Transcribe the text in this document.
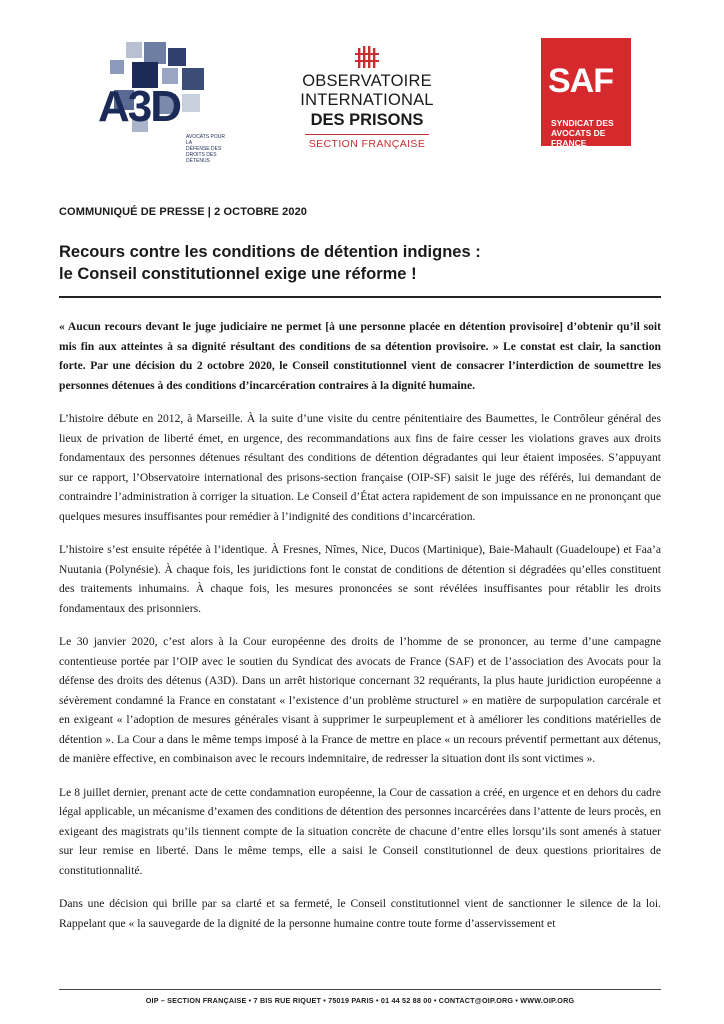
A3D
AVOCATS POUR LA
DÉFENSE DES
DROITS DES
DÉTENUS
OBSERVATOIRE INTERNATIONAL
DES PRISONS
SECTION FRANÇAISE
SAF
SYNDICAT DES
AVOCATS DE FRANCE
COMMUNIQUÉ DE PRESSE | 2 OCTOBRE 2020
Recours contre les conditions de détention indignes :
le Conseil constitutionnel exige une réforme !

« Aucun recours devant le juge judiciaire ne permet [à une personne placée en détention provisoire] d’obtenir qu’il soit mis fin aux atteintes à sa dignité résultant des conditions de sa détention provisoire. » Le constat est clair, la sanction forte. Par une décision du 2 octobre 2020, le Conseil constitutionnel vient de consacrer l’interdiction de soumettre les personnes détenues à des conditions d’incarcération contraires à la dignité humaine.

L’histoire débute en 2012, à Marseille. À la suite d’une visite du centre pénitentiaire des Baumettes, le Contrôleur général des lieux de privation de liberté émet, en urgence, des recommandations aux fins de faire cesser les violations graves aux droits fondamentaux des personnes détenues résultant des conditions de détention dégradantes qui leur étaient imposées. S’appuyant sur ce rapport, l’Observatoire international des prisons-section française (OIP-SF) saisit le juge des référés, lui demandant de contraindre l’administration à corriger la situation. Le Conseil d’État actera rapidement de son impuissance en ne prononçant que quelques mesures insuffisantes pour remédier à l’indignité des conditions d’incarcération.

L’histoire s’est ensuite répétée à l’identique. À Fresnes, Nîmes, Nice, Ducos (Martinique), Baie-Mahault (Guadeloupe) et Faa’a Nuutania (Polynésie). À chaque fois, les juridictions font le constat de conditions de détention si dégradées qu’elles constituent des traitements inhumains. À chaque fois, les mesures prononcées se sont révélées insuffisantes pour rétablir les droits fondamentaux des prisonniers.

Le 30 janvier 2020, c’est alors à la Cour européenne des droits de l’homme de se prononcer, au terme d’une campagne contentieuse portée par l’OIP avec le soutien du Syndicat des avocats de France (SAF) et de l’association des Avocats pour la défense des droits des détenus (A3D). Dans un arrêt historique concernant 32 requérants, la plus haute juridiction européenne a sévèrement condamné la France en constatant « l’existence d’un problème structurel » en matière de surpopulation carcérale et en exigeant « l’adoption de mesures générales visant à supprimer le surpeuplement et à améliorer les conditions matérielles de détention ». La Cour a dans le même temps imposé à la France de mettre en place « un recours préventif permettant aux détenus, de manière effective, en combinaison avec le recours indemnitaire, de redresser la situation dont ils sont victimes ».

Le 8 juillet dernier, prenant acte de cette condamnation européenne, la Cour de cassation a créé, en urgence et en dehors du cadre légal applicable, un mécanisme d’examen des conditions de détention des personnes incarcérées dans l’attente de leurs procès, en exigeant des magistrats qu’ils tiennent compte de la situation concrète de chacune d’entre elles lorsqu’ils sont amenés à statuer sur leur remise en liberté. Dans le même temps, elle a saisi le Conseil constitutionnel de deux questions prioritaires de constitutionnalité.

Dans une décision qui brille par sa clarté et sa fermeté, le Conseil constitutionnel vient de sanctionner le silence de la loi. Rappelant que « la sauvegarde de la dignité de la personne humaine contre toute forme d’asservissement et

OIP – SECTION FRANÇAISE • 7 BIS RUE RIQUET • 75019 PARIS • 01 44 52 88 00 • CONTACT@OIP.ORG • WWW.OIP.ORG
